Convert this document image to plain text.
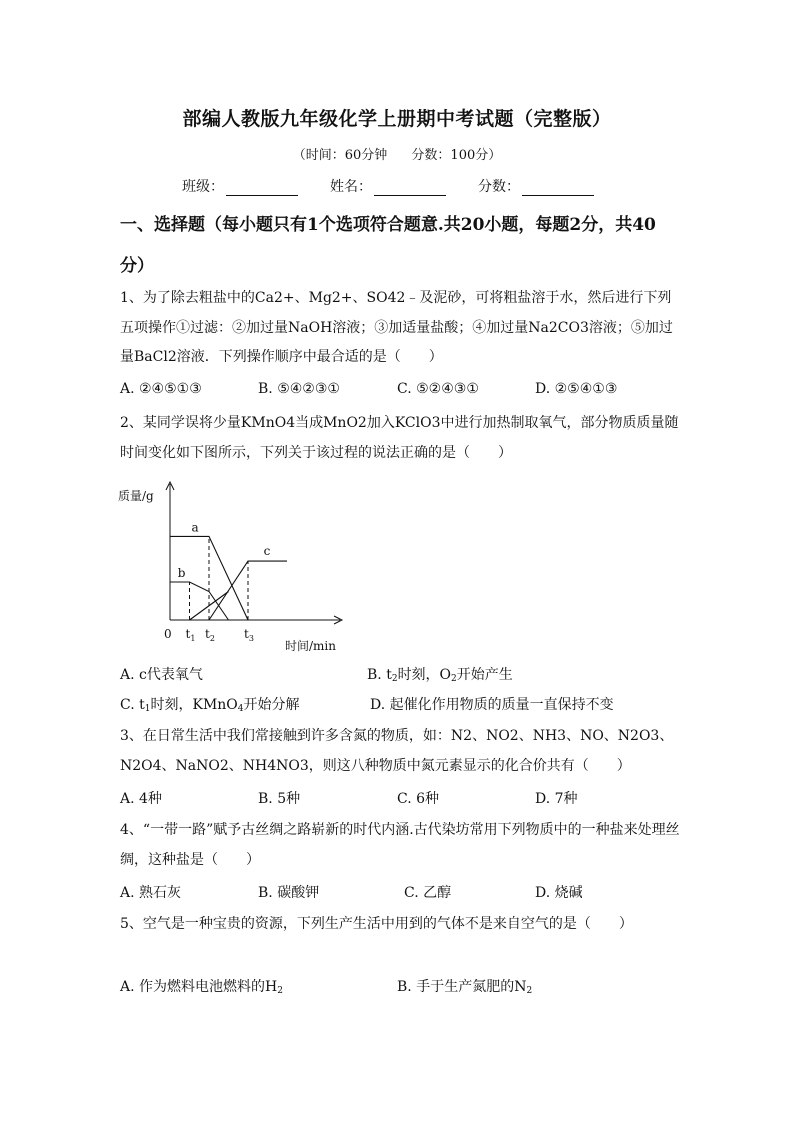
部编人教版九年级化学上册期中考试题（完整版）
（时间：60分钟 分数：100分）
班级：	姓名：	分数：
一、选择题（每小题只有1个选项符合题意.共20小题，每题2分，共40分）
1、为了除去粗盐中的Ca2+、Mg2+、SO42﹣及泥砂，可将粗盐溶于水，然后进行下列五项操作①过滤：②加过量NaOH溶液；③加适量盐酸；④加过量Na2CO3溶液；⑤加过量BaCl2溶液．下列操作顺序中最合适的是（　　）
A. ②④⑤①③	B. ⑤④②③①	C. ⑤②④③①	D. ②⑤④①③
2、某同学误将少量KMnO4当成MnO2加入KClO3中进行加热制取氧气，部分物质质量随时间变化如下图所示，下列关于该过程的说法正确的是（　　）
质量/g
时间/min
0
a
b
c
$t_1$ $t_2$ $t_3$
A. c代表氧气	B. $t_2$时刻，$O_2$开始产生
C. $t_1$时刻，KMnO$_4$开始分解	D. 起催化作用物质的质量一直保持不变
3、在日常生活中我们常接触到许多含氮的物质，如：N2、NO2、NH3、NO、N2O3、N2O4、NaNO2、NH4NO3，则这八种物质中氮元素显示的化合价共有（　　）
A. 4种	B. 5种	C. 6种	D. 7种
4、“一带一路”赋予古丝绸之路崭新的时代内涵.古代染坊常用下列物质中的一种盐来处理丝绸，这种盐是（　　）
A. 熟石灰	B. 碳酸钾	C. 乙醇	D. 烧碱
5、空气是一种宝贵的资源，下列生产生活中用到的气体不是来自空气的是（　　）
A. 作为燃料电池燃料的$H_2$	B. 手于生产氮肥的$N_2$
